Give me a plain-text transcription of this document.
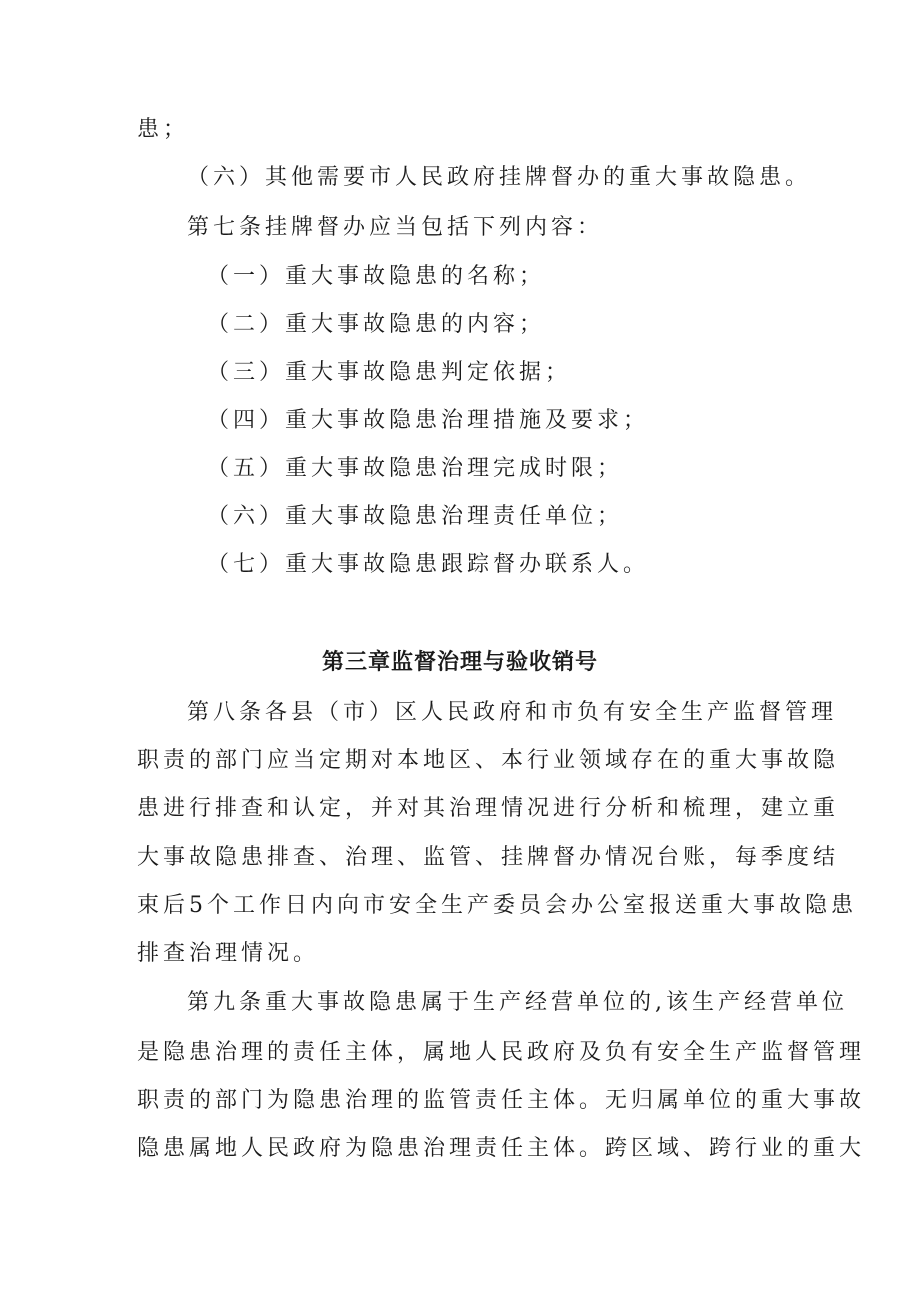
患；
（六）其他需要市人民政府挂牌督办的重大事故隐患。
第七条挂牌督办应当包括下列内容：
（一）重大事故隐患的名称；
（二）重大事故隐患的内容；
（三）重大事故隐患判定依据；
（四）重大事故隐患治理措施及要求；
（五）重大事故隐患治理完成时限；
（六）重大事故隐患治理责任单位；
（七）重大事故隐患跟踪督办联系人。
第三章监督治理与验收销号
第八条各县（市）区人民政府和市负有安全生产监督管理
职责的部门应当定期对本地区、本行业领域存在的重大事故隐
患进行排查和认定，并对其治理情况进行分析和梳理，建立重
大事故隐患排查、治理、监管、挂牌督办情况台账，每季度结
束后5个工作日内向市安全生产委员会办公室报送重大事故隐患
排查治理情况。
第九条重大事故隐患属于生产经营单位的,该生产经营单位
是隐患治理的责任主体，属地人民政府及负有安全生产监督管理
职责的部门为隐患治理的监管责任主体。无归属单位的重大事故
隐患属地人民政府为隐患治理责任主体。跨区域、跨行业的重大
